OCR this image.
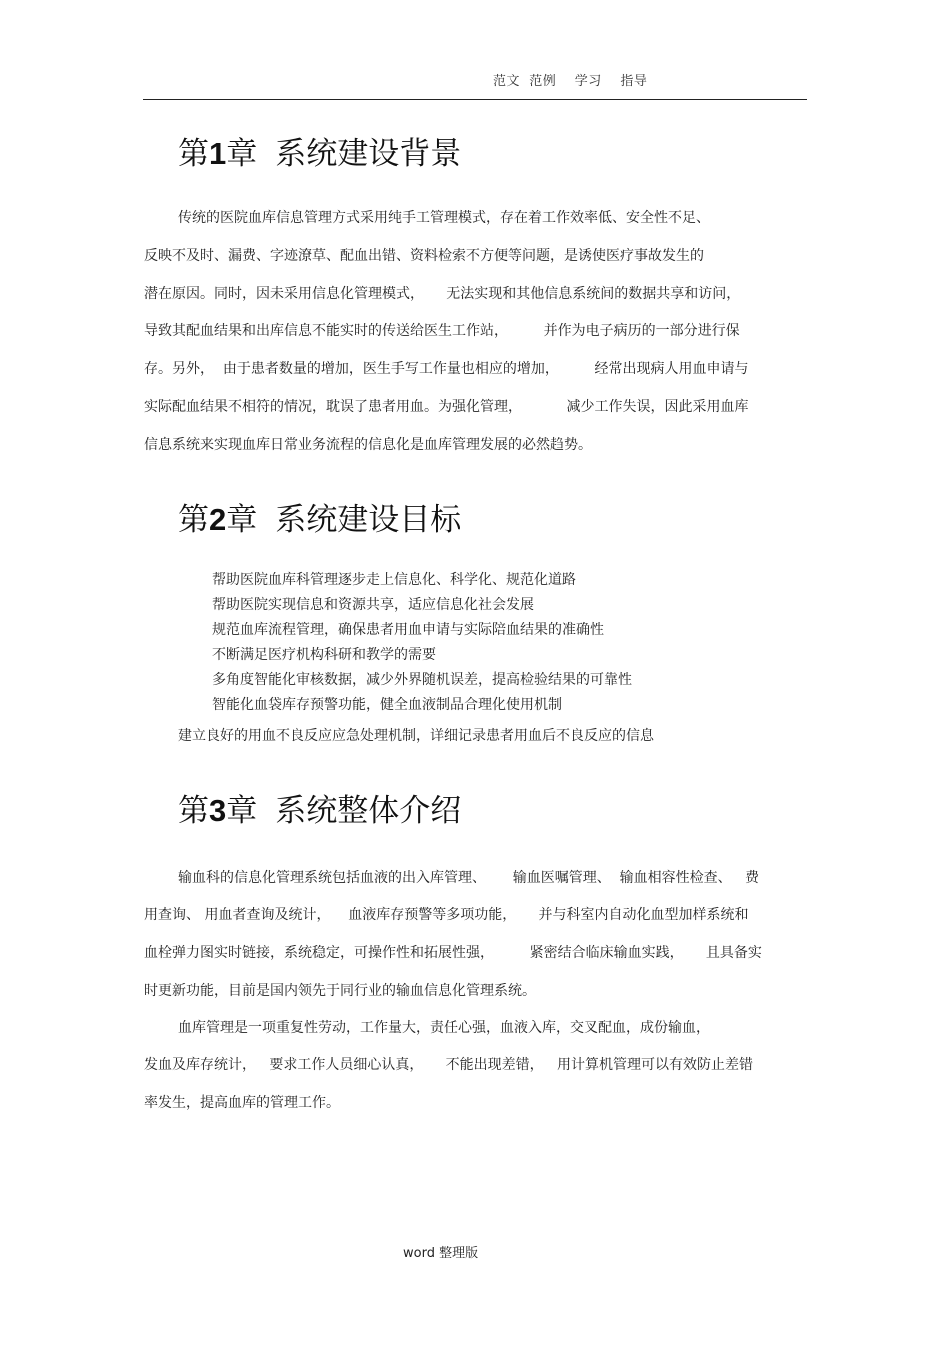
范文  范例    学习    指导
第1章 系统建设背景
传统的医院血库信息管理方式采用纯手工管理模式，存在着工作效率低、安全性不足、
反映不及时、漏费、字迹潦草、配血出错、资料检索不方便等问题，是诱使医疗事故发生的
潜在原因。同时，因未采用信息化管理模式，     无法实现和其他信息系统间的数据共享和访问，
导致其配血结果和出库信息不能实时的传送给医生工作站，        并作为电子病历的一部分进行保
存。另外，  由于患者数量的增加，医生手写工作量也相应的增加，        经常出现病人用血申请与
实际配血结果不相符的情况，耽误了患者用血。为强化管理，          减少工作失误，因此采用血库
信息系统来实现血库日常业务流程的信息化是血库管理发展的必然趋势。
第2章 系统建设目标
帮助医院血库科管理逐步走上信息化、科学化、规范化道路
帮助医院实现信息和资源共享，适应信息化社会发展
规范血库流程管理，确保患者用血申请与实际陪血结果的准确性
不断满足医疗机构科研和教学的需要
多角度智能化审核数据，减少外界随机误差，提高检验结果的可靠性
智能化血袋库存预警功能，健全血液制品合理化使用机制
建立良好的用血不良反应应急处理机制，详细记录患者用血后不良反应的信息
第3章 系统整体介绍
输血科的信息化管理系统包括血液的出入库管理、      输血医嘱管理、  输血相容性检查、   费
用查询、 用血者查询及统计，    血液库存预警等多项功能，     并与科室内自动化血型加样系统和
血栓弹力图实时链接，系统稳定，可操作性和拓展性强，        紧密结合临床输血实践，     且具备实
时更新功能，目前是国内领先于同行业的输血信息化管理系统。
血库管理是一项重复性劳动，工作量大，责任心强，血液入库，交叉配血，成份输血，
发血及库存统计，   要求工作人员细心认真，     不能出现差错，   用计算机管理可以有效防止差错
率发生，提高血库的管理工作。
word 整理版
